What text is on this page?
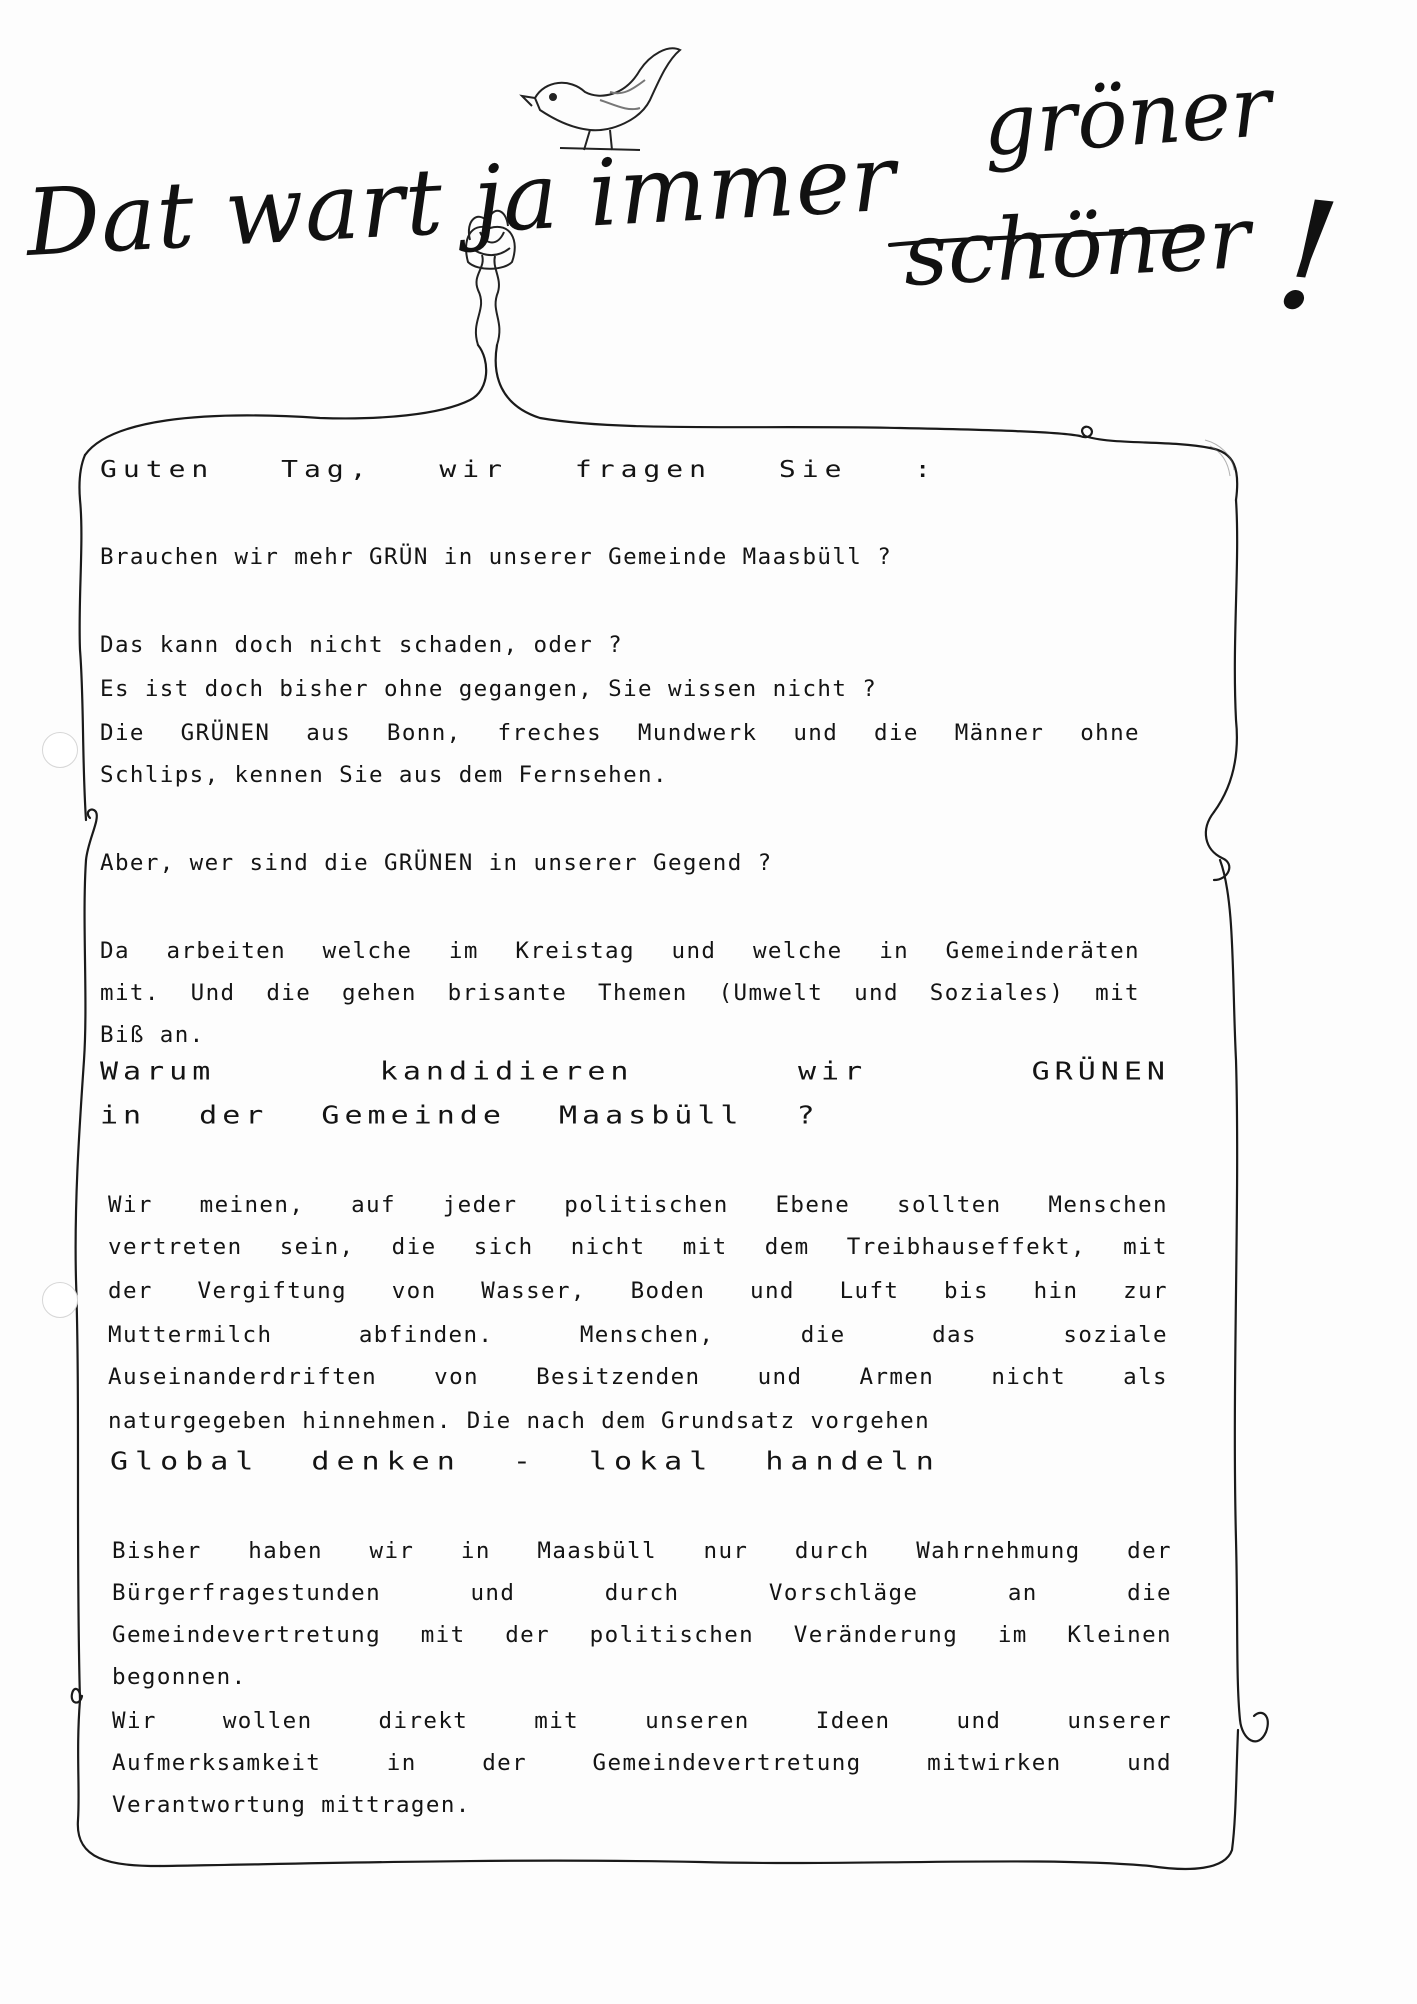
Dat wart ja immer schöner
gröner
!
Guten Tag, wir fragen Sie :
Brauchen wir mehr GRÜN in unserer Gemeinde Maasbüll ?
Das kann doch nicht schaden, oder ?
Es ist doch bisher ohne gegangen, Sie wissen nicht ?
Die GRÜNEN aus Bonn, freches Mundwerk und die Männer ohne
Schlips, kennen Sie aus dem Fernsehen.
Aber, wer sind die GRÜNEN in unserer Gegend ?
Da arbeiten welche im Kreistag und welche in Gemeinderäten
mit. Und die gehen brisante Themen (Umwelt und Soziales) mit
Biß an.
Warum kandidieren wir GRÜNEN
in der Gemeinde Maasbüll ?
Wir meinen, auf jeder politischen Ebene sollten Menschen
vertreten sein, die sich nicht mit dem Treibhauseffekt, mit
der Vergiftung von Wasser, Boden und Luft bis hin zur
Muttermilch abfinden. Menschen, die das soziale
Auseinanderdriften von Besitzenden und Armen nicht als
naturgegeben hinnehmen. Die nach dem Grundsatz vorgehen
Global denken - lokal handeln
Bisher haben wir in Maasbüll nur durch Wahrnehmung der
Bürgerfragestunden und durch Vorschläge an die
Gemeindevertretung mit der politischen Veränderung im Kleinen
begonnen.
Wir wollen direkt mit unseren Ideen und unserer
Aufmerksamkeit in der Gemeindevertretung mitwirken und
Verantwortung mittragen.
